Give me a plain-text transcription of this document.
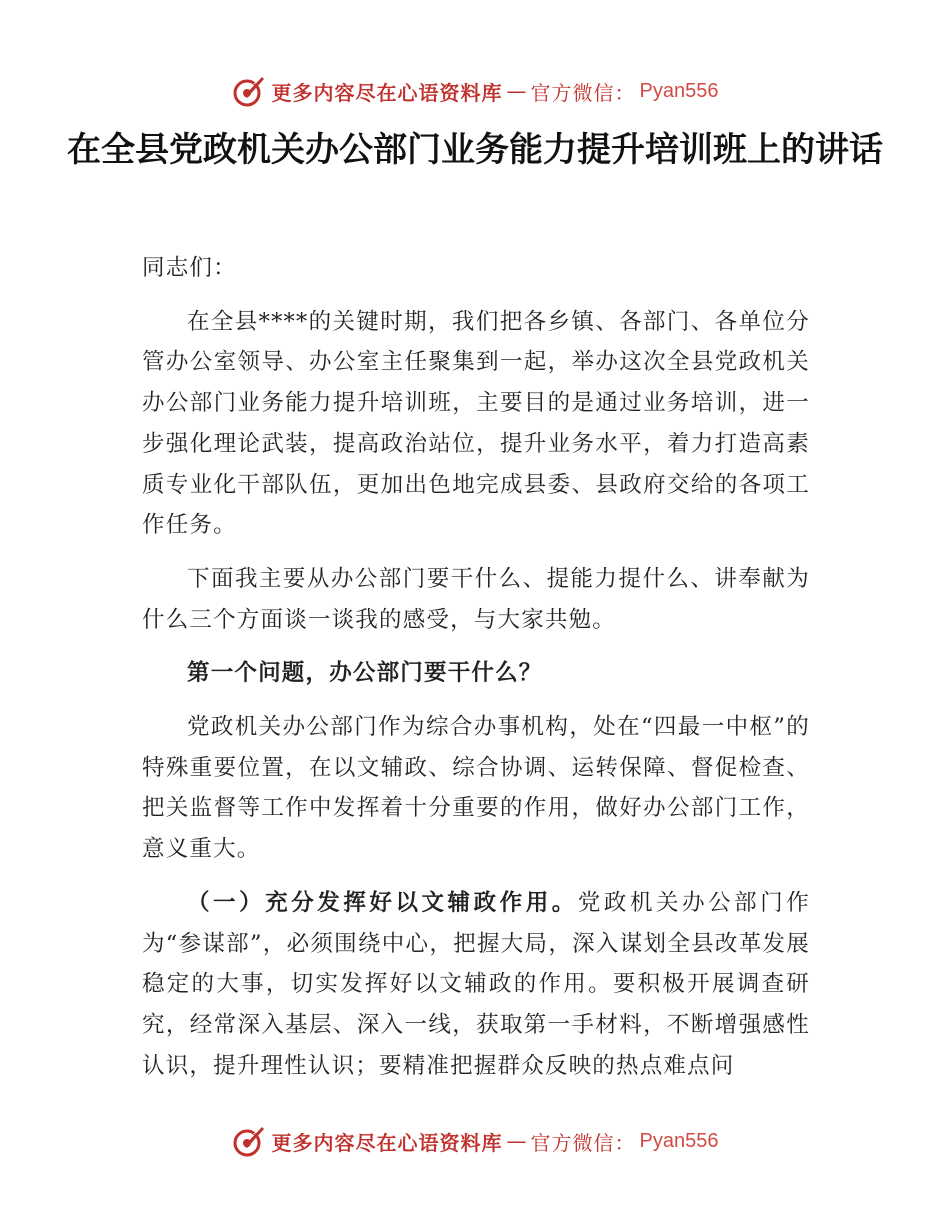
更多内容尽在心语资料库 — 官方微信： Pyan556
在全县党政机关办公部门业务能力提升培训班上的讲话

同志们：

在全县****的关键时期，我们把各乡镇、各部门、各单位分管办公室领导、办公室主任聚集到一起，举办这次全县党政机关办公部门业务能力提升培训班，主要目的是通过业务培训，进一步强化理论武装，提高政治站位，提升业务水平，着力打造高素质专业化干部队伍，更加出色地完成县委、县政府交给的各项工作任务。

下面我主要从办公部门要干什么、提能力提什么、讲奉献为什么三个方面谈一谈我的感受，与大家共勉。

第一个问题，办公部门要干什么？

党政机关办公部门作为综合办事机构，处在“四最一中枢”的特殊重要位置，在以文辅政、综合协调、运转保障、督促检查、把关监督等工作中发挥着十分重要的作用，做好办公部门工作，意义重大。

（一）充分发挥好以文辅政作用。党政机关办公部门作为“参谋部”，必须围绕中心，把握大局，深入谋划全县改革发展稳定的大事，切实发挥好以文辅政的作用。要积极开展调查研究，经常深入基层、深入一线，获取第一手材料，不断增强感性认识，提升理性认识；要精准把握群众反映的热点难点问

更多内容尽在心语资料库 — 官方微信： Pyan556
